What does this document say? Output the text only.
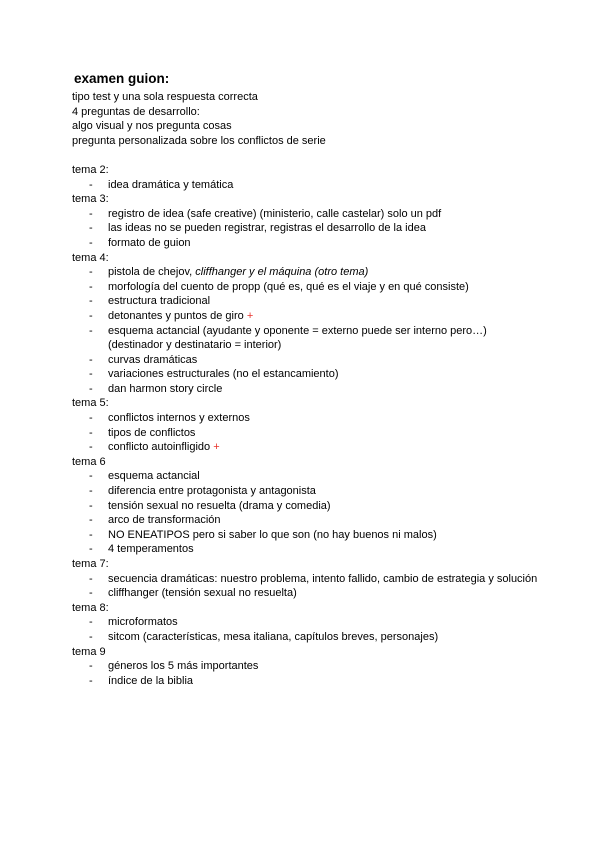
examen guion:

tipo test y una sola respuesta correcta

4 preguntas de desarrollo:

algo visual y nos pregunta cosas

pregunta personalizada sobre los conflictos de serie

tema 2:

- idea dramática y temática

tema 3:

- registro de idea (safe creative) (ministerio, calle castelar) solo un pdf
- las ideas no se pueden registrar, registras el desarrollo de la idea
- formato de guion

tema 4:

- pistola de chejov, cliffhanger y el máquina (otro tema)
- morfología del cuento de propp (qué es, qué es el viaje y en qué consiste)
- estructura tradicional
- detonantes y puntos de giro +
- esquema actancial (ayudante y oponente = externo puede ser interno pero…) (destinador y destinatario = interior)
- curvas dramáticas
- variaciones estructurales (no el estancamiento)
- dan harmon story circle

tema 5:

- conflictos internos y externos
- tipos de conflictos
- conflicto autoinfligido +

tema 6

- esquema actancial
- diferencia entre protagonista y antagonista
- tensión sexual no resuelta (drama y comedia)
- arco de transformación
- NO ENEATIPOS pero si saber lo que son (no hay buenos ni malos)
- 4 temperamentos

tema 7:

- secuencia dramáticas: nuestro problema, intento fallido, cambio de estrategia y solución
- cliffhanger (tensión sexual no resuelta)

tema 8:

- microformatos
- sitcom (características, mesa italiana, capítulos breves, personajes)

tema 9

- géneros los 5 más importantes
- índice de la biblia
